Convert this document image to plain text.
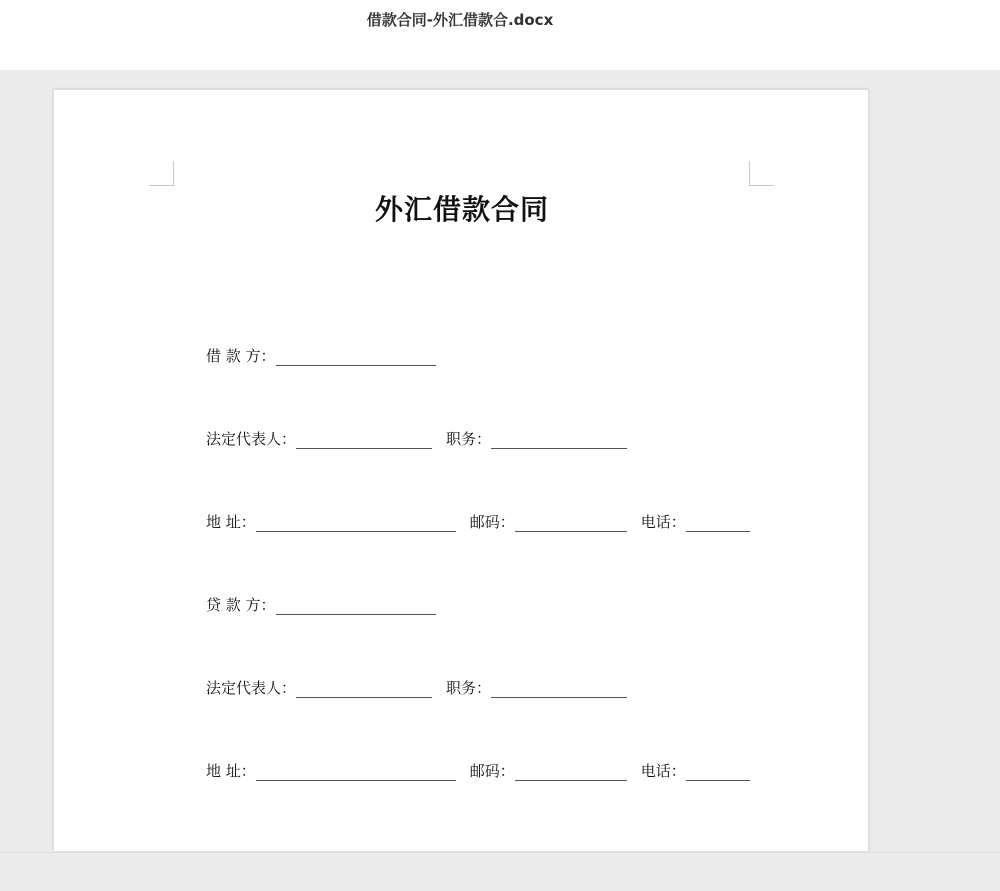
借款合同-外汇借款合.docx
外汇借款合同
借 款 方：
法定代表人：	职务：
地 址：	邮码：	电话：
贷 款 方：
法定代表人：	职务：
地 址：	邮码：	电话：
